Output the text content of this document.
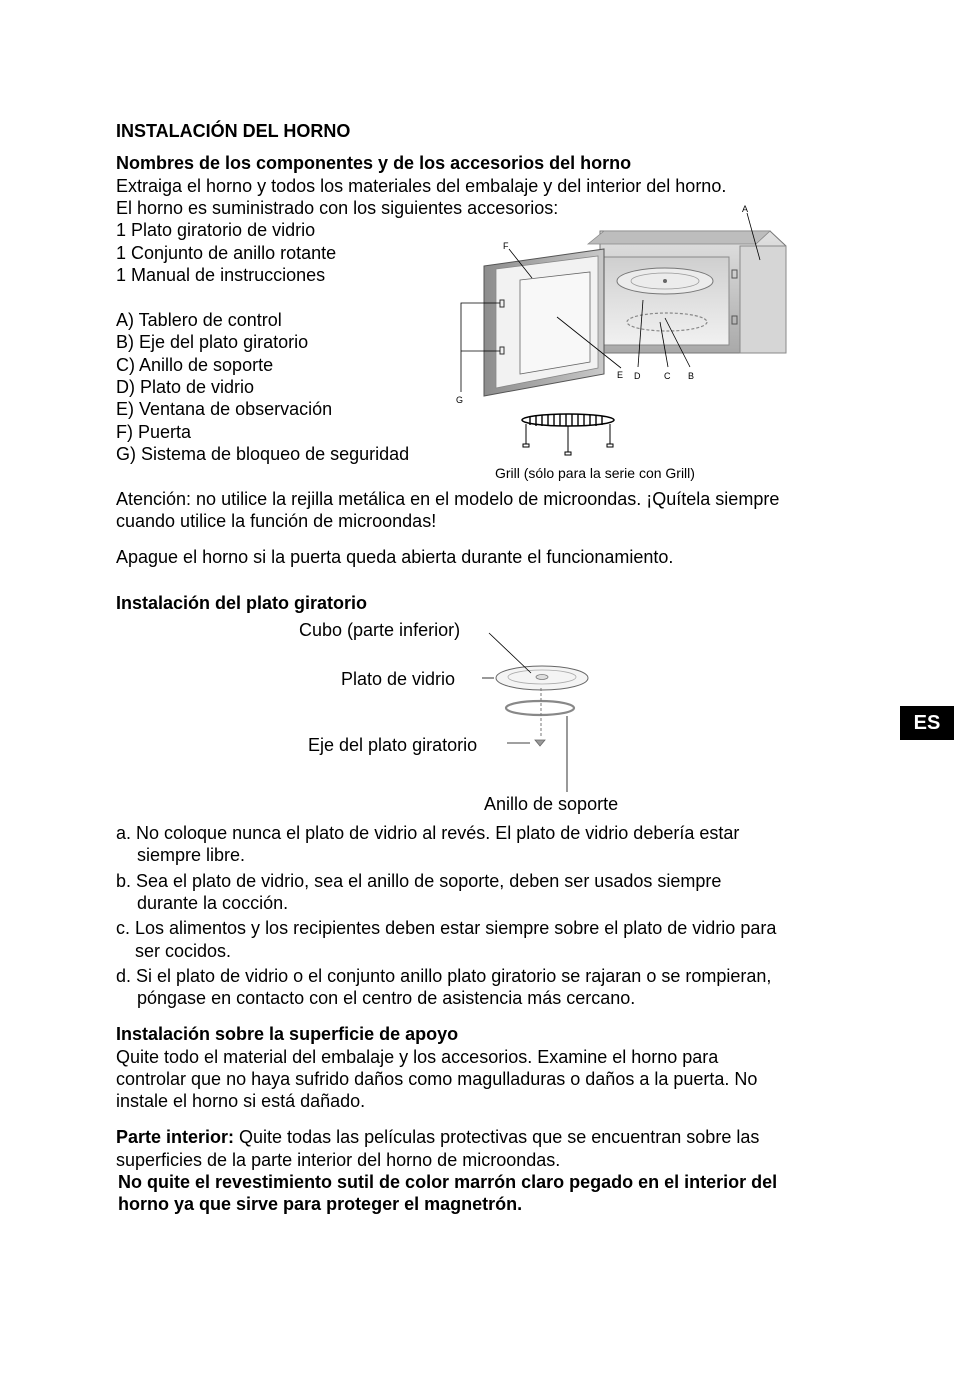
INSTALACIÓN DEL HORNO
Nombres de los componentes y de los accesorios del horno
Extraiga el horno y todos los materiales del embalaje y del interior del horno.
El horno es suministrado con los siguientes accesorios:
1 Plato giratorio de vidrio
1 Conjunto de anillo rotante
1 Manual de instrucciones
A) Tablero de control
B) Eje del plato giratorio
C) Anillo de soporte
D) Plato de vidrio
E) Ventana de observación
F) Puerta
G) Sistema de bloqueo de seguridad
A
F
E D	C B
G
Grill (sólo para la serie con Grill)
Atención: no utilice la rejilla metálica en el modelo de microondas. ¡Quítela siempre
cuando utilice la función de microondas!
Apague el horno si la puerta queda abierta durante el funcionamiento.
Instalación del plato giratorio
Cubo (parte inferior)
Plato de vidrio
Eje del plato giratorio
Anillo de soporte
a. No coloque nunca el plato de vidrio al revés. El plato de vidrio debería estar
siempre libre.
b. Sea el plato de vidrio, sea el anillo de soporte, deben ser usados siempre
durante la cocción.
c. Los alimentos y los recipientes deben estar siempre sobre el plato de vidrio para
ser cocidos.
d. Si el plato de vidrio o el conjunto anillo plato giratorio se rajaran o se rompieran,
póngase en contacto con el centro de asistencia más cercano.
Instalación sobre la superficie de apoyo
Quite todo el material del embalaje y los accesorios. Examine el horno para
controlar que no haya sufrido daños como magulladuras o daños a la puerta. No
instale el horno si está dañado.
Parte interior: Quite todas las películas protectivas que se encuentran sobre las
superficies de la parte interior del horno de microondas.
No quite el revestimiento sutil de color marrón claro pegado en el interior del
horno ya que sirve para proteger el magnetrón.
ES
